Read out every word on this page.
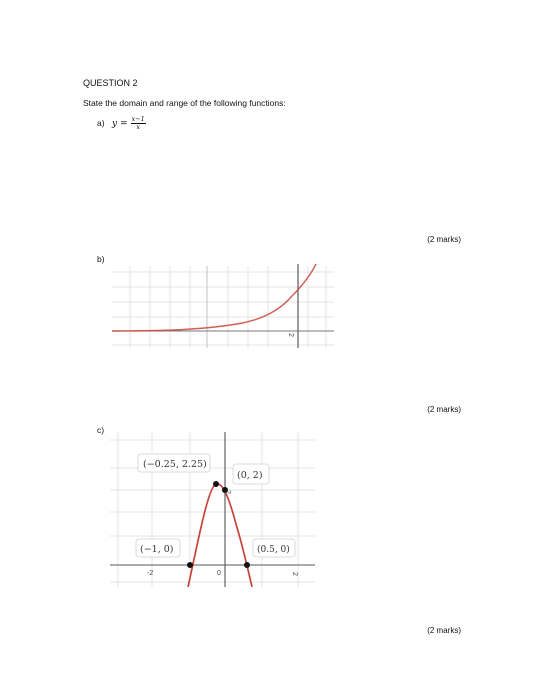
QUESTION 2
State the domain and range of the following functions:
a) $y = \frac{x-1}{x}$
(2 marks)
b)
2
(2 marks)
c)
(−0.25, 2.25)
(0, 2)
(−1, 0)	(0.5, 0)
-2	0	2
2
(2 marks)
